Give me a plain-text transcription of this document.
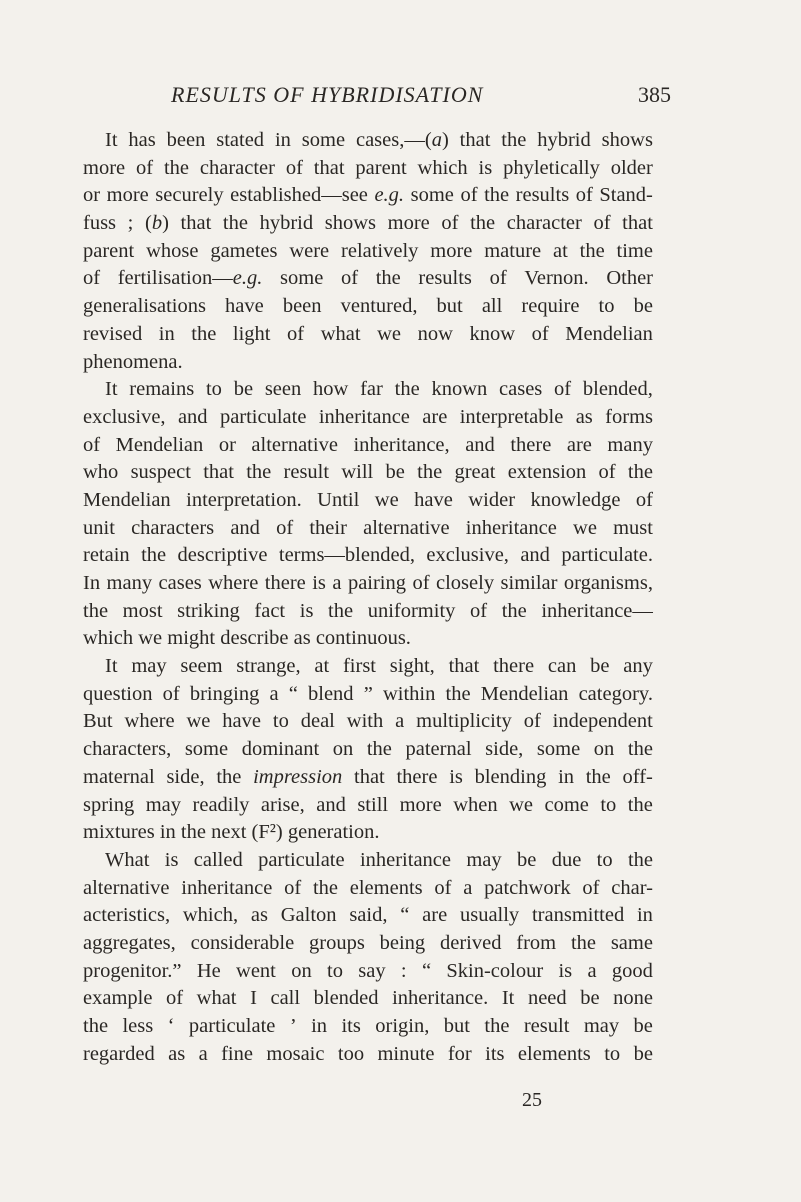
RESULTS OF HYBRIDISATION	385
It has been stated in some cases,—(a) that the hybrid shows
more of the character of that parent which is phyletically older
or more securely established—see e.g. some of the results of Stand-
fuss ; (b) that the hybrid shows more of the character of that
parent whose gametes were relatively more mature at the time
of fertilisation—e.g. some of the results of Vernon. Other
generalisations have been ventured, but all require to be
revised in the light of what we now know of Mendelian
phenomena.
It remains to be seen how far the known cases of blended,
exclusive, and particulate inheritance are interpretable as forms
of Mendelian or alternative inheritance, and there are many
who suspect that the result will be the great extension of the
Mendelian interpretation. Until we have wider knowledge of
unit characters and of their alternative inheritance we must
retain the descriptive terms—blended, exclusive, and particulate.
In many cases where there is a pairing of closely similar organisms,
the most striking fact is the uniformity of the inheritance—
which we might describe as continuous.
It may seem strange, at first sight, that there can be any
question of bringing a “ blend ” within the Mendelian category.
But where we have to deal with a multiplicity of independent
characters, some dominant on the paternal side, some on the
maternal side, the impression that there is blending in the off-
spring may readily arise, and still more when we come to the
mixtures in the next (F²) generation.
What is called particulate inheritance may be due to the
alternative inheritance of the elements of a patchwork of char-
acteristics, which, as Galton said, “ are usually transmitted in
aggregates, considerable groups being derived from the same
progenitor.” He went on to say : “ Skin-colour is a good
example of what I call blended inheritance. It need be none
the less ‘ particulate ’ in its origin, but the result may be
regarded as a fine mosaic too minute for its elements to be
25
